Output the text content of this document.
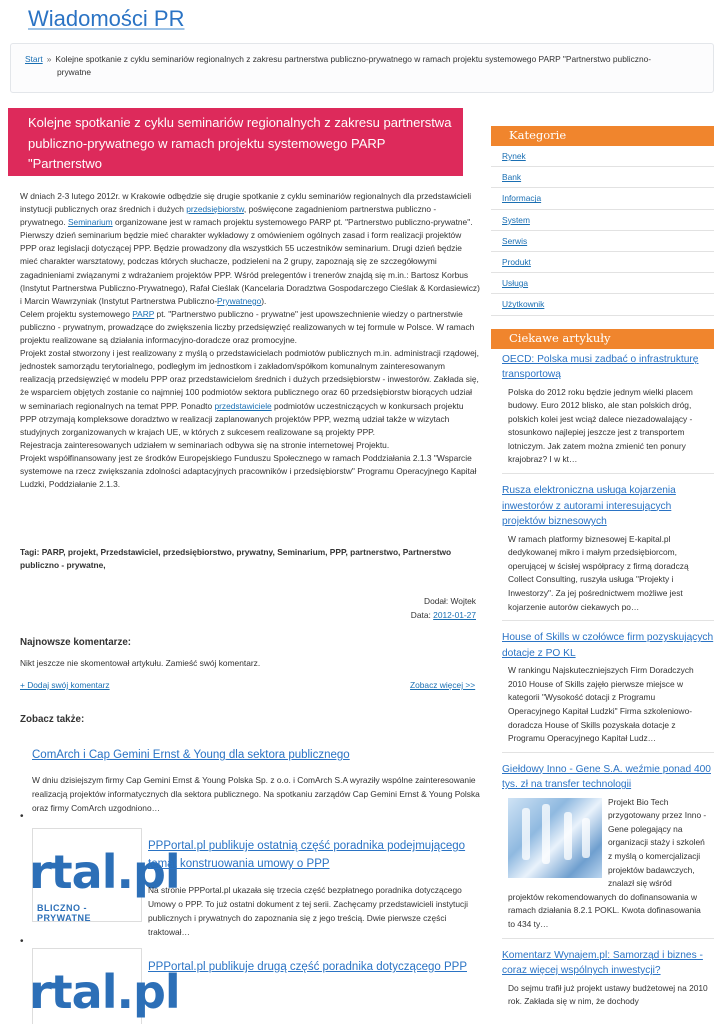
Wiadomości PR
Start » Kolejne spotkanie z cyklu seminariów regionalnych z zakresu partnerstwa publiczno-prywatnego w ramach projektu systemowego PARP "Partnerstwo publiczno-
prywatne
Kolejne spotkanie z cyklu seminariów regionalnych z zakresu partnerstwa
publiczno-prywatnego w ramach projektu systemowego PARP "Partnerstwo
publiczno-prywatne
W dniach 2-3 lutego 2012r. w Krakowie odbędzie się drugie spotkanie z cyklu seminariów regionalnych dla przedstawicieli instytucji publicznych oraz średnich i dużych przedsiębiorstw, poświęcone zagadnieniom partnerstwa publiczno - prywatnego. Seminarium organizowane jest w ramach projektu systemowego PARP pt. "Partnerstwo publiczno-prywatne".
Pierwszy dzień seminarium będzie mieć charakter wykładowy z omówieniem ogólnych zasad i form realizacji projektów PPP oraz legislacji dotyczącej PPP. Będzie prowadzony dla wszystkich 55 uczestników seminarium. Drugi dzień będzie mieć charakter warsztatowy, podczas których słuchacze, podzieleni na 2 grupy, zapoznają się ze szczegółowymi zagadnieniami związanymi z wdrażaniem projektów PPP. Wśród prelegentów i trenerów znajdą się m.in.: Bartosz Korbus (Instytut Partnerstwa Publiczno-Prywatnego), Rafał Cieślak (Kancelaria Doradztwa Gospodarczego Cieślak & Kordasiewicz) i Marcin Wawrzyniak (Instytut Partnerstwa Publiczno-Prywatnego).
Celem projektu systemowego PARP pt. "Partnerstwo publiczno - prywatne" jest upowszechnienie wiedzy o partnerstwie publiczno - prywatnym, prowadzące do zwiększenia liczby przedsięwzięć realizowanych w tej formule w Polsce. W ramach projektu realizowane są działania informacyjno-doradcze oraz promocyjne.
Projekt został stworzony i jest realizowany z myślą o przedstawicielach podmiotów publicznych m.in. administracji rządowej, jednostek samorządu terytorialnego, podległym im jednostkom i zakładom/spółkom komunalnym zainteresowanym realizacją przedsięwzięć w modelu PPP oraz przedstawicielom średnich i dużych przedsiębiorstw - inwestorów. Zakłada się, że wsparciem objętych zostanie co najmniej 100 podmiotów sektora publicznego oraz 60 przedsiębiorstw biorących udział w seminariach regionalnych na temat PPP. Ponadto przedstawiciele podmiotów uczestniczących w konkursach projektu PPP otrzymają kompleksowe doradztwo w realizacji zaplanowanych projektów PPP, wezmą udział także w wizytach studyjnych zorganizowanych w krajach UE, w których z sukcesem realizowane są projekty PPP.
Rejestracja zainteresowanych udziałem w seminariach odbywa się na stronie internetowej Projektu.
Projekt współfinansowany jest ze środków Europejskiego Funduszu Społecznego w ramach Poddziałania 2.1.3 "Wsparcie systemowe na rzecz zwiększania zdolności adaptacyjnych pracowników i przedsiębiorstw" Programu Operacyjnego Kapitał Ludzki, Poddziałanie 2.1.3.
Tagi: PARP, projekt, Przedstawiciel, przedsiębiorstwo, prywatny, Seminarium, PPP, partnerstwo, Partnerstwo publiczno - prywatne,
Dodał: Wojtek
Data: 2012-01-27
Najnowsze komentarze:
Nikt jeszcze nie skomentował artykułu. Zamieść swój komentarz.
+ Dodaj swój komentarz	Zobacz więcej >>
Zobacz także:
ComArch i Cap Gemini Ernst & Young dla sektora publicznego
W dniu dzisiejszym firmy Cap Gemini Ernst & Young Polska Sp. z o.o. i ComArch S.A wyraziły wspólne zainteresowanie realizacją projektów informatycznych dla sektora publicznego. Na spotkaniu zarządów Cap Gemini Ernst & Young Polska oraz firmy ComArch uzgodniono…
•
rtal.pl
BLICZNO - PRYWATNE
PPPortal.pl publikuje ostatnią część poradnika podejmującego temat konstruowania umowy o PPP
Na stronie PPPortal.pl ukazała się trzecia część bezpłatnego poradnika dotyczącego Umowy o PPP. To już ostatni dokument z tej serii. Zachęcamy przedstawicieli instytucji publicznych i prywatnych do zapoznania się z jego treścią. Dwie pierwsze części traktował…
•
rtal.pl
PPPortal.pl publikuje drugą część poradnika dotyczącego PPP
Kategorie
Rynek
Bank
Informacja
System
Serwis
Produkt
Usługa
Użytkownik
Ciekawe artykuły
OECD: Polska musi zadbać o infrastrukturę transportową
Polska do 2012 roku będzie jednym wielki placem budowy. Euro 2012 blisko, ale stan polskich dróg, polskich kolei jest wciąż dalece niezadowalający - stosunkowo najlepiej jeszcze jest z transportem lotniczym. Jak zatem można zmienić ten ponury krajobraz? I w kt…
Rusza elektroniczna usługa kojarzenia inwestorów z autorami interesujących projektów biznesowych
W ramach platformy biznesowej E-kapital.pl dedykowanej mikro i małym przedsiębiorcom, operującej w ścisłej współpracy z firmą doradczą Collect Consulting, ruszyła usługa "Projekty i Inwestorzy". Za jej pośrednictwem możliwe jest kojarzenie autorów ciekawych po…
House of Skills w czołówce firm pozyskujących dotacje z PO KL
W rankingu Najskuteczniejszych Firm Doradczych 2010 House of Skills zajęło pierwsze miejsce w kategorii "Wysokość dotacji z Programu Operacyjnego Kapitał Ludzki" Firma szkoleniowo-doradcza House of Skills pozyskała dotacje z Programu Operacyjnego Kapitał Ludz…
Giełdowy Inno - Gene S.A. weźmie ponad 400 tys. zł na transfer technologii
Projekt Bio Tech przygotowany przez Inno - Gene polegający na organizacji staży i szkoleń z myślą o komercjalizacji projektów badawczych, znalazł się wśród projektów rekomendowanych do dofinansowania w ramach działania 8.2.1 POKL. Kwota dofinasowania to 434 ty…
Komentarz Wynajem.pl: Samorząd i biznes - coraz więcej wspólnych inwestycji?
Do sejmu trafił już projekt ustawy budżetowej na 2010 rok. Zakłada się w nim, że dochody
